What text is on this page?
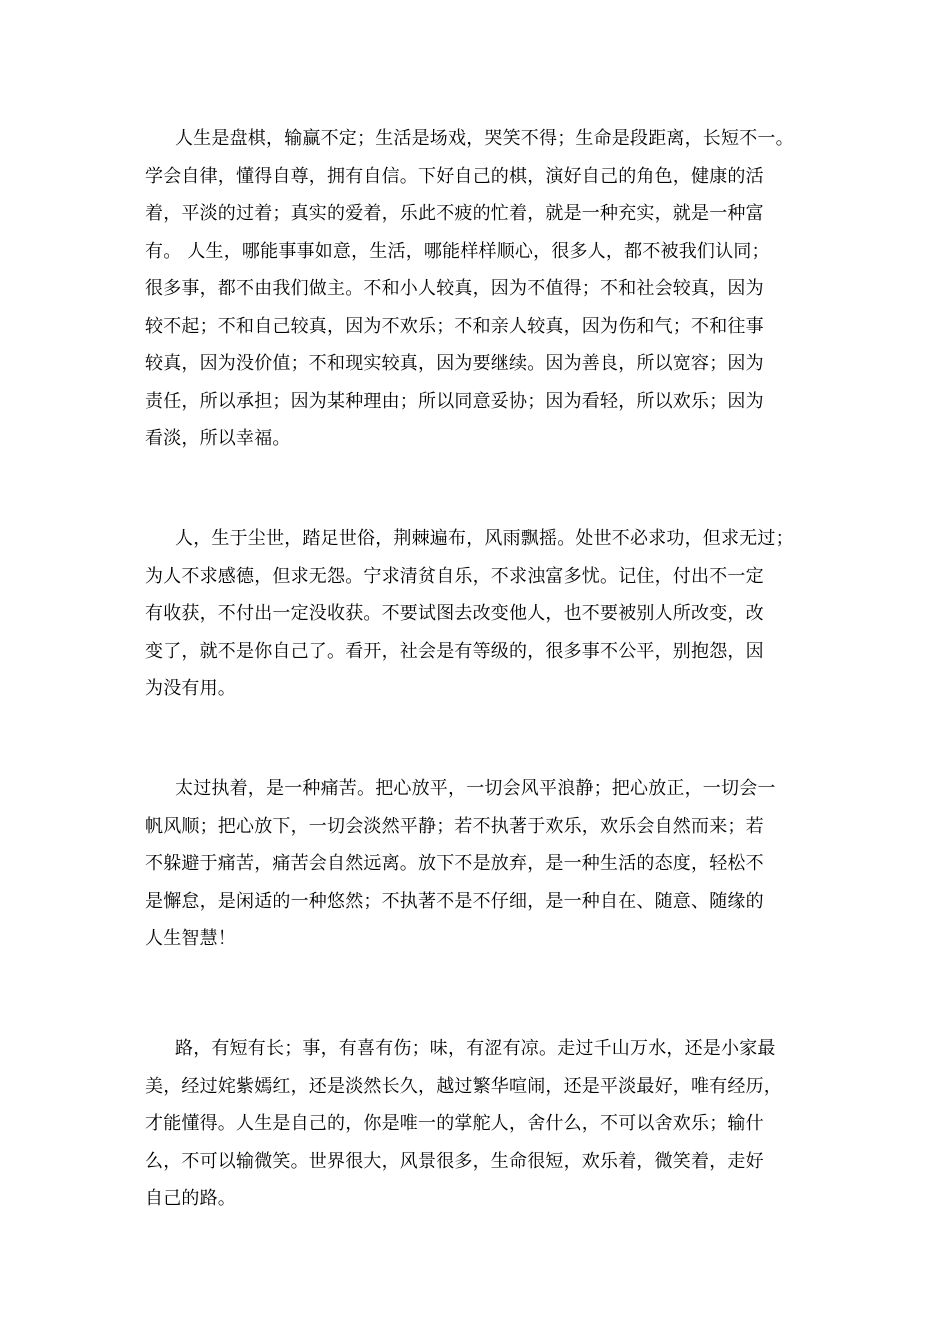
人生是盘棋，输赢不定；生活是场戏，哭笑不得；生命是段距离，长短不一。
学会自律，懂得自尊，拥有自信。下好自己的棋，演好自己的角色，健康的活
着，平淡的过着；真实的爱着，乐此不疲的忙着，就是一种充实，就是一种富
有。 人生，哪能事事如意，生活，哪能样样顺心，很多人，都不被我们认同；
很多事，都不由我们做主。不和小人较真，因为不值得；不和社会较真，因为
较不起；不和自己较真，因为不欢乐；不和亲人较真，因为伤和气；不和往事
较真，因为没价值；不和现实较真，因为要继续。因为善良，所以宽容；因为
责任，所以承担；因为某种理由；所以同意妥协；因为看轻，所以欢乐；因为
看淡，所以幸福。
人，生于尘世，踏足世俗，荆棘遍布，风雨飘摇。处世不必求功，但求无过；
为人不求感德，但求无怨。宁求清贫自乐，不求浊富多忧。记住，付出不一定
有收获，不付出一定没收获。不要试图去改变他人，也不要被别人所改变，改
变了，就不是你自己了。看开，社会是有等级的，很多事不公平，别抱怨，因
为没有用。
太过执着，是一种痛苦。把心放平，一切会风平浪静；把心放正，一切会一
帆风顺；把心放下，一切会淡然平静；若不执著于欢乐，欢乐会自然而来；若
不躲避于痛苦，痛苦会自然远离。放下不是放弃，是一种生活的态度，轻松不
是懈怠，是闲适的一种悠然；不执著不是不仔细，是一种自在、随意、随缘的
人生智慧！
路，有短有长；事，有喜有伤；味，有涩有凉。走过千山万水，还是小家最
美，经过姹紫嫣红，还是淡然长久，越过繁华喧闹，还是平淡最好，唯有经历，
才能懂得。人生是自己的，你是唯一的掌舵人，舍什么，不可以舍欢乐；输什
么，不可以输微笑。世界很大，风景很多，生命很短，欢乐着，微笑着，走好
自己的路。
